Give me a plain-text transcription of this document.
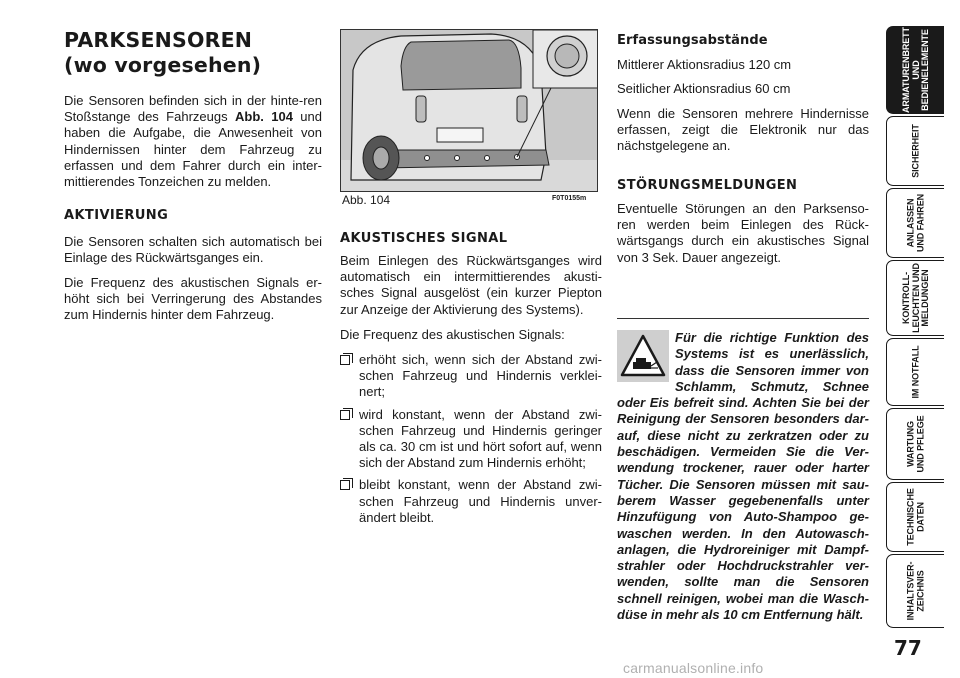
PARKSENSOREN
(wo vorgesehen)

Die Sensoren befinden sich in der hinte-ren Stoßstange des Fahrzeugs Abb. 104 und haben die Aufgabe, die Anwesenheit von Hindernissen hinter dem Fahrzeug zu erfassen und dem Fahrer durch ein inter-mittierendes Tonzeichen zu melden.

AKTIVIERUNG

Die Sensoren schalten sich automatisch bei Einlage des Rückwärtsganges ein.

Die Frequenz des akustischen Signals er-höht sich bei Verringerung des Abstandes zum Hindernis hinter dem Fahrzeug.

Abb. 104	F0T0155m
AKUSTISCHES SIGNAL

Beim Einlegen des Rückwärtsganges wird automatisch ein intermittierendes akusti-sches Signal ausgelöst (ein kurzer Piepton zur Anzeige der Aktivierung des Systems).

Die Frequenz des akustischen Signals:

erhöht sich, wenn sich der Abstand zwi-schen Fahrzeug und Hindernis verklei-nert;
wird konstant, wenn der Abstand zwi-schen Fahrzeug und Hindernis geringer als ca. 30 cm ist und hört sofort auf, wenn sich der Abstand zum Hindernis erhöht;
bleibt konstant, wenn der Abstand zwi-schen Fahrzeug und Hindernis unver-ändert bleibt.
Erfassungsabstände

Mittlerer Aktionsradius 120 cm

Seitlicher Aktionsradius 60 cm

Wenn die Sensoren mehrere Hindernisse erfassen, zeigt die Elektronik nur das nächstgelegene an.

STÖRUNGSMELDUNGEN

Eventuelle Störungen an den Parksenso-ren werden beim Einlegen des Rück-wärtsgangs durch ein akustisches Signal von 3 Sek. Dauer angezeigt.

Für die richtige Funktion des Systems ist es unerlässlich, dass die Sensoren immer von Schlamm, Schmutz, Schnee oder Eis befreit sind. Achten Sie bei der Reinigung der Sensoren besonders dar-auf, diese nicht zu zerkratzen oder zu beschädigen. Vermeiden Sie die Ver-wendung trockener, rauer oder harter Tücher. Die Sensoren müssen mit sau-berem Wasser gegebenenfalls unter Hinzufügung von Auto-Shampoo ge-waschen werden. In den Autowasch-anlagen, die Hydroreiniger mit Dampf-strahler oder Hochdruckstrahler ver-wenden, sollte man die Sensoren schnell reinigen, wobei man die Wasch-düse in mehr als 10 cm Entfernung hält.
ARMATURENBRETT
UND
BEDIENELEMENTE
SICHERHEIT
ANLASSEN
UND FAHREN
KONTROLL-
LEUCHTEN UND
MELDUNGEN
IM NOTFALL
WARTUNG
UND PFLEGE
TECHNISCHE
DATEN
INHALTSVER-
ZEICHNIS
77
carmanualsonline.info
